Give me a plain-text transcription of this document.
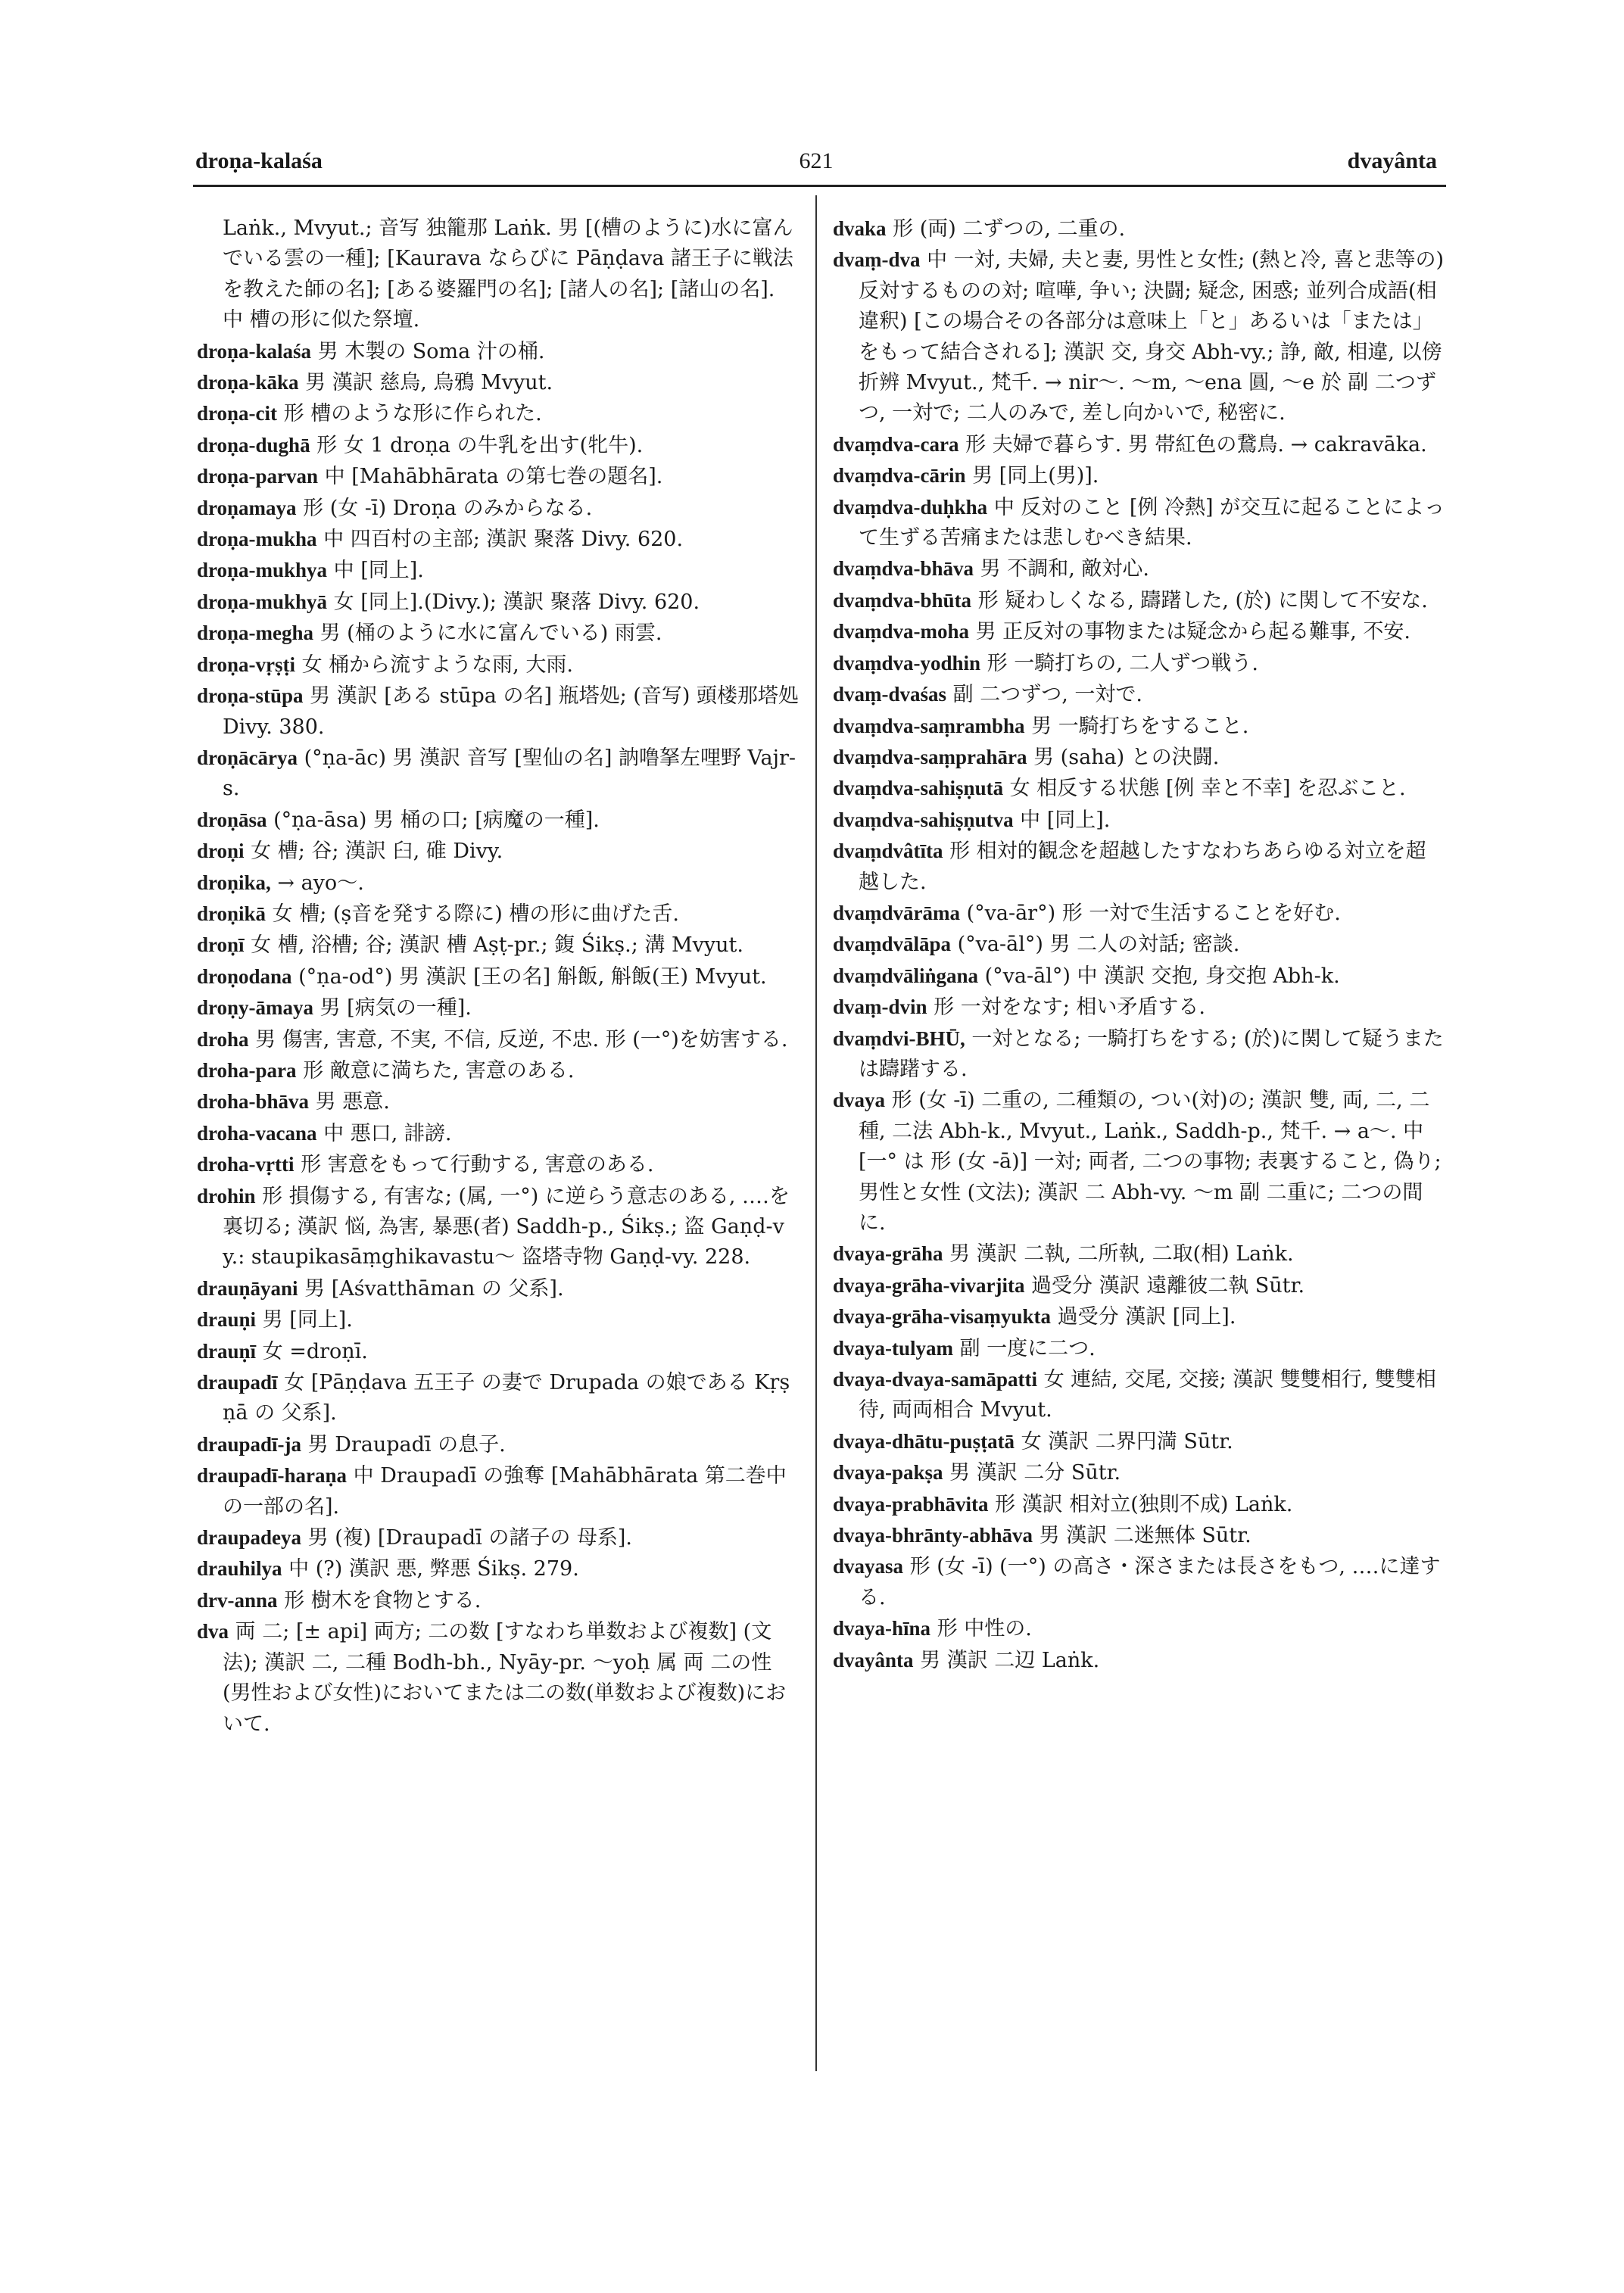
621
droṇa-kalaśa	dvayânta

Laṅk., Mvyut.; 音写 独籠那 Laṅk. 男 [(槽のように)水に富んでいる雲の一種]; [Kaurava ならびに Pāṇḍava 諸王子に戦法を教えた師の名]; [ある婆羅門の名]; [諸人の名]; [諸山の名]. 中 槽の形に似た祭壇.

droṇa-kalaśa 男 木製の Soma 汁の桶.

droṇa-kāka 男 漢訳 慈烏, 烏鴉 Mvyut.

droṇa-cit 形 槽のような形に作られた.

droṇa-dughā 形 女 1 droṇa の牛乳を出す(牝牛).

droṇa-parvan 中 [Mahābhārata の第七巻の題名].

droṇamaya 形 (女 -ī) Droṇa のみからなる.

droṇa-mukha 中 四百村の主部; 漢訳 聚落 Divy. 620.

droṇa-mukhya 中 [同上].

droṇa-mukhyā 女 [同上].(Divy.); 漢訳 聚落 Divy. 620.

droṇa-megha 男 (桶のように水に富んでいる) 雨雲.

droṇa-vṛṣṭi 女 桶から流すような雨, 大雨.

droṇa-stūpa 男 漢訳 [ある stūpa の名] 瓶塔処; (音写) 頭楼那塔処 Divy. 380.

droṇācārya (°ṇa-āc) 男 漢訳 音写 [聖仙の名] 訥噜拏左哩野 Vajr-s.

droṇāsa (°ṇa-āsa) 男 桶の口; [病魔の一種].

droṇi 女 槽; 谷; 漢訳 臼, 碓 Divy.

droṇika, → ayo～.

droṇikā 女 槽; (ṣ音を発する際に) 槽の形に曲げた舌.

droṇī 女 槽, 浴槽; 谷; 漢訳 槽 Aṣṭ-pr.; 鍑 Śikṣ.; 溝 Mvyut.

droṇodana (°ṇa-od°) 男 漢訳 [王の名] 斛飯, 斛飯(王) Mvyut.

droṇy-āmaya 男 [病気の一種].

droha 男 傷害, 害意, 不実, 不信, 反逆, 不忠. 形 (一°)を妨害する.

droha-para 形 敵意に満ちた, 害意のある.

droha-bhāva 男 悪意.

droha-vacana 中 悪口, 誹謗.

droha-vṛtti 形 害意をもって行動する, 害意のある.

drohin 形 損傷する, 有害な; (属, 一°) に逆らう意志のある, ‥‥を裏切る; 漢訳 悩, 為害, 暴悪(者) Saddh-p., Śikṣ.; 盗 Gaṇḍ-vy.: staupikasāṃghikavastu～ 盗塔寺物 Gaṇḍ-vy. 228.

drauṇāyani 男 [Aśvatthāman の 父系].

drauṇi 男 [同上].

drauṇī 女 =droṇī.

draupadī 女 [Pāṇḍava 五王子 の妻で Drupada の娘である Kṛṣṇā の 父系].

draupadī-ja 男 Draupadī の息子.

draupadī-haraṇa 中 Draupadī の強奪 [Mahābhārata 第二巻中の一部の名].

draupadeya 男 (複) [Draupadī の諸子の 母系].

drauhilya 中 (?) 漢訳 悪, 弊悪 Śikṣ. 279.

drv-anna 形 樹木を食物とする.

dva 両 二; [± api] 両方; 二の数 [すなわち単数および複数] (文法); 漢訳 二, 二種 Bodh-bh., Nyāy-pr. ～yoḥ 属 両 二の性(男性および女性)においてまたは二の数(単数および複数)において.

dvaka 形 (両) 二ずつの, 二重の.

dvaṃ-dva 中 一対, 夫婦, 夫と妻, 男性と女性; (熱と冷, 喜と悲等の)反対するものの対; 喧嘩, 争い; 決闘; 疑念, 困惑; 並列合成語(相違釈) [この場合その各部分は意味上「と」あるいは「または」をもって結合される]; 漢訳 交, 身交 Abh-vy.; 諍, 敵, 相違, 以傍折辨 Mvyut., 梵千. → nir～. ～m, ～ena 圓, ～e 於 副 二つずつ, 一対で; 二人のみで, 差し向かいで, 秘密に.

dvaṃdva-cara 形 夫婦で暮らす. 男 帯紅色の鵞鳥. → cakravāka.

dvaṃdva-cārin 男 [同上(男)].

dvaṃdva-duḥkha 中 反対のこと [例 冷熱] が交互に起ることによって生ずる苦痛または悲しむべき結果.

dvaṃdva-bhāva 男 不調和, 敵対心.

dvaṃdva-bhūta 形 疑わしくなる, 躊躇した, (於) に関して不安な.

dvaṃdva-moha 男 正反対の事物または疑念から起る難事, 不安.

dvaṃdva-yodhin 形 一騎打ちの, 二人ずつ戦う.

dvaṃ-dvaśas 副 二つずつ, 一対で.

dvaṃdva-saṃrambha 男 一騎打ちをすること.

dvaṃdva-saṃprahāra 男 (saha) との決闘.

dvaṃdva-sahiṣṇutā 女 相反する状態 [例 幸と不幸] を忍ぶこと.

dvaṃdva-sahiṣṇutva 中 [同上].

dvaṃdvâtīta 形 相対的観念を超越したすなわちあらゆる対立を超越した.

dvaṃdvārāma (°va-ār°) 形 一対で生活することを好む.

dvaṃdvālāpa (°va-āl°) 男 二人の対話; 密談.

dvaṃdvāliṅgana (°va-āl°) 中 漢訳 交抱, 身交抱 Abh-k.

dvaṃ-dvin 形 一対をなす; 相い矛盾する.

dvaṃdvi-BHŪ, 一対となる; 一騎打ちをする; (於)に関して疑うまたは躊躇する.

dvaya 形 (女 -ī) 二重の, 二種類の, つい(対)の; 漢訳 雙, 両, 二, 二種, 二法 Abh-k., Mvyut., Laṅk., Saddh-p., 梵千. → a～. 中 [一° は 形 (女 -ā)] 一対; 両者, 二つの事物; 表裏すること, 偽り; 男性と女性 (文法); 漢訳 二 Abh-vy. ～m 副 二重に; 二つの間に.

dvaya-grāha 男 漢訳 二執, 二所執, 二取(相) Laṅk.

dvaya-grāha-vivarjita 過受分 漢訳 遠離彼二執 Sūtr.

dvaya-grāha-visaṃyukta 過受分 漢訳 [同上].

dvaya-tulyam 副 一度に二つ.

dvaya-dvaya-samāpatti 女 連結, 交尾, 交接; 漢訳 雙雙相行, 雙雙相待, 両両相合 Mvyut.

dvaya-dhātu-puṣṭatā 女 漢訳 二界円満 Sūtr.

dvaya-pakṣa 男 漢訳 二分 Sūtr.

dvaya-prabhāvita 形 漢訳 相対立(独則不成) Laṅk.

dvaya-bhrānty-abhāva 男 漢訳 二迷無体 Sūtr.

dvayasa 形 (女 -ī) (一°) の高さ・深さまたは長さをもつ, ‥‥に達する.

dvaya-hīna 形 中性の.

dvayânta 男 漢訳 二辺 Laṅk.
